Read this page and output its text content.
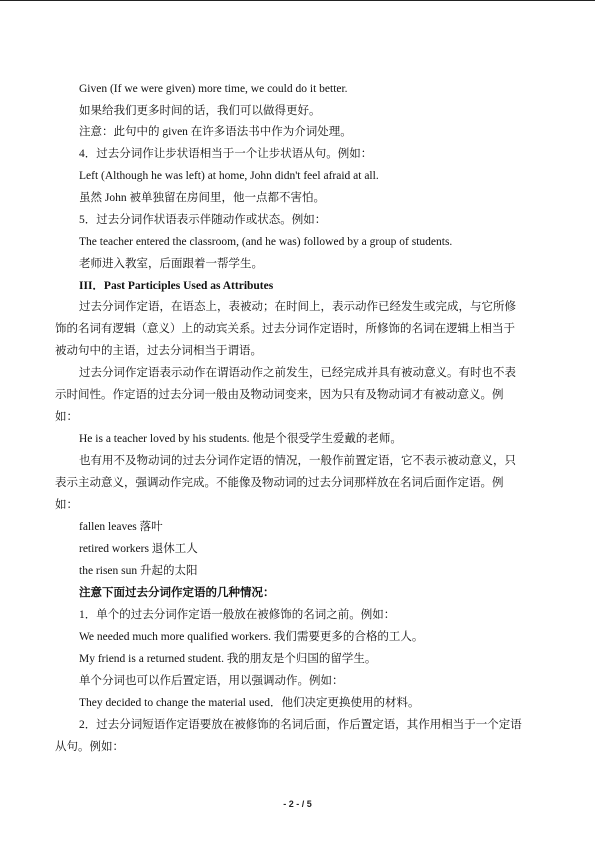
Given (If we were given) more time, we could do it better.
如果给我们更多时间的话，我们可以做得更好。
注意：此句中的 given 在许多语法书中作为介词处理。
4．过去分词作让步状语相当于一个让步状语从句。例如：
Left (Although he was left) at home, John didn't feel afraid at all.
虽然 John 被单独留在房间里，他一点都不害怕。
5．过去分词作状语表示伴随动作或状态。例如：
The teacher entered the classroom, (and he was) followed by a group of students.
老师进入教室，后面跟着一帮学生。
III．Past Participles Used as Attributes
过去分词作定语，在语态上，表被动；在时间上，表示动作已经发生或完成，与它所修
饰的名词有逻辑（意义）上的动宾关系。过去分词作定语时，所修饰的名词在逻辑上相当于
被动句中的主语，过去分词相当于谓语。
过去分词作定语表示动作在谓语动作之前发生，已经完成并具有被动意义。有时也不表
示时间性。作定语的过去分词一般由及物动词变来，因为只有及物动词才有被动意义。例
如：
He is a teacher loved by his students. 他是个很受学生爱戴的老师。
也有用不及物动词的过去分词作定语的情况，一般作前置定语，它不表示被动意义，只
表示主动意义，强调动作完成。不能像及物动词的过去分词那样放在名词后面作定语。例
如：
fallen leaves 落叶
retired workers 退休工人
the risen sun 升起的太阳
注意下面过去分词作定语的几种情况：
1．单个的过去分词作定语一般放在被修饰的名词之前。例如：
We needed much more qualified workers. 我们需要更多的合格的工人。
My friend is a returned student. 我的朋友是个归国的留学生。
单个分词也可以作后置定语，用以强调动作。例如：
They decided to change the material used．他们决定更换使用的材料。
2．过去分词短语作定语要放在被修饰的名词后面，作后置定语，其作用相当于一个定语
从句。例如：
- 2 - / 5
